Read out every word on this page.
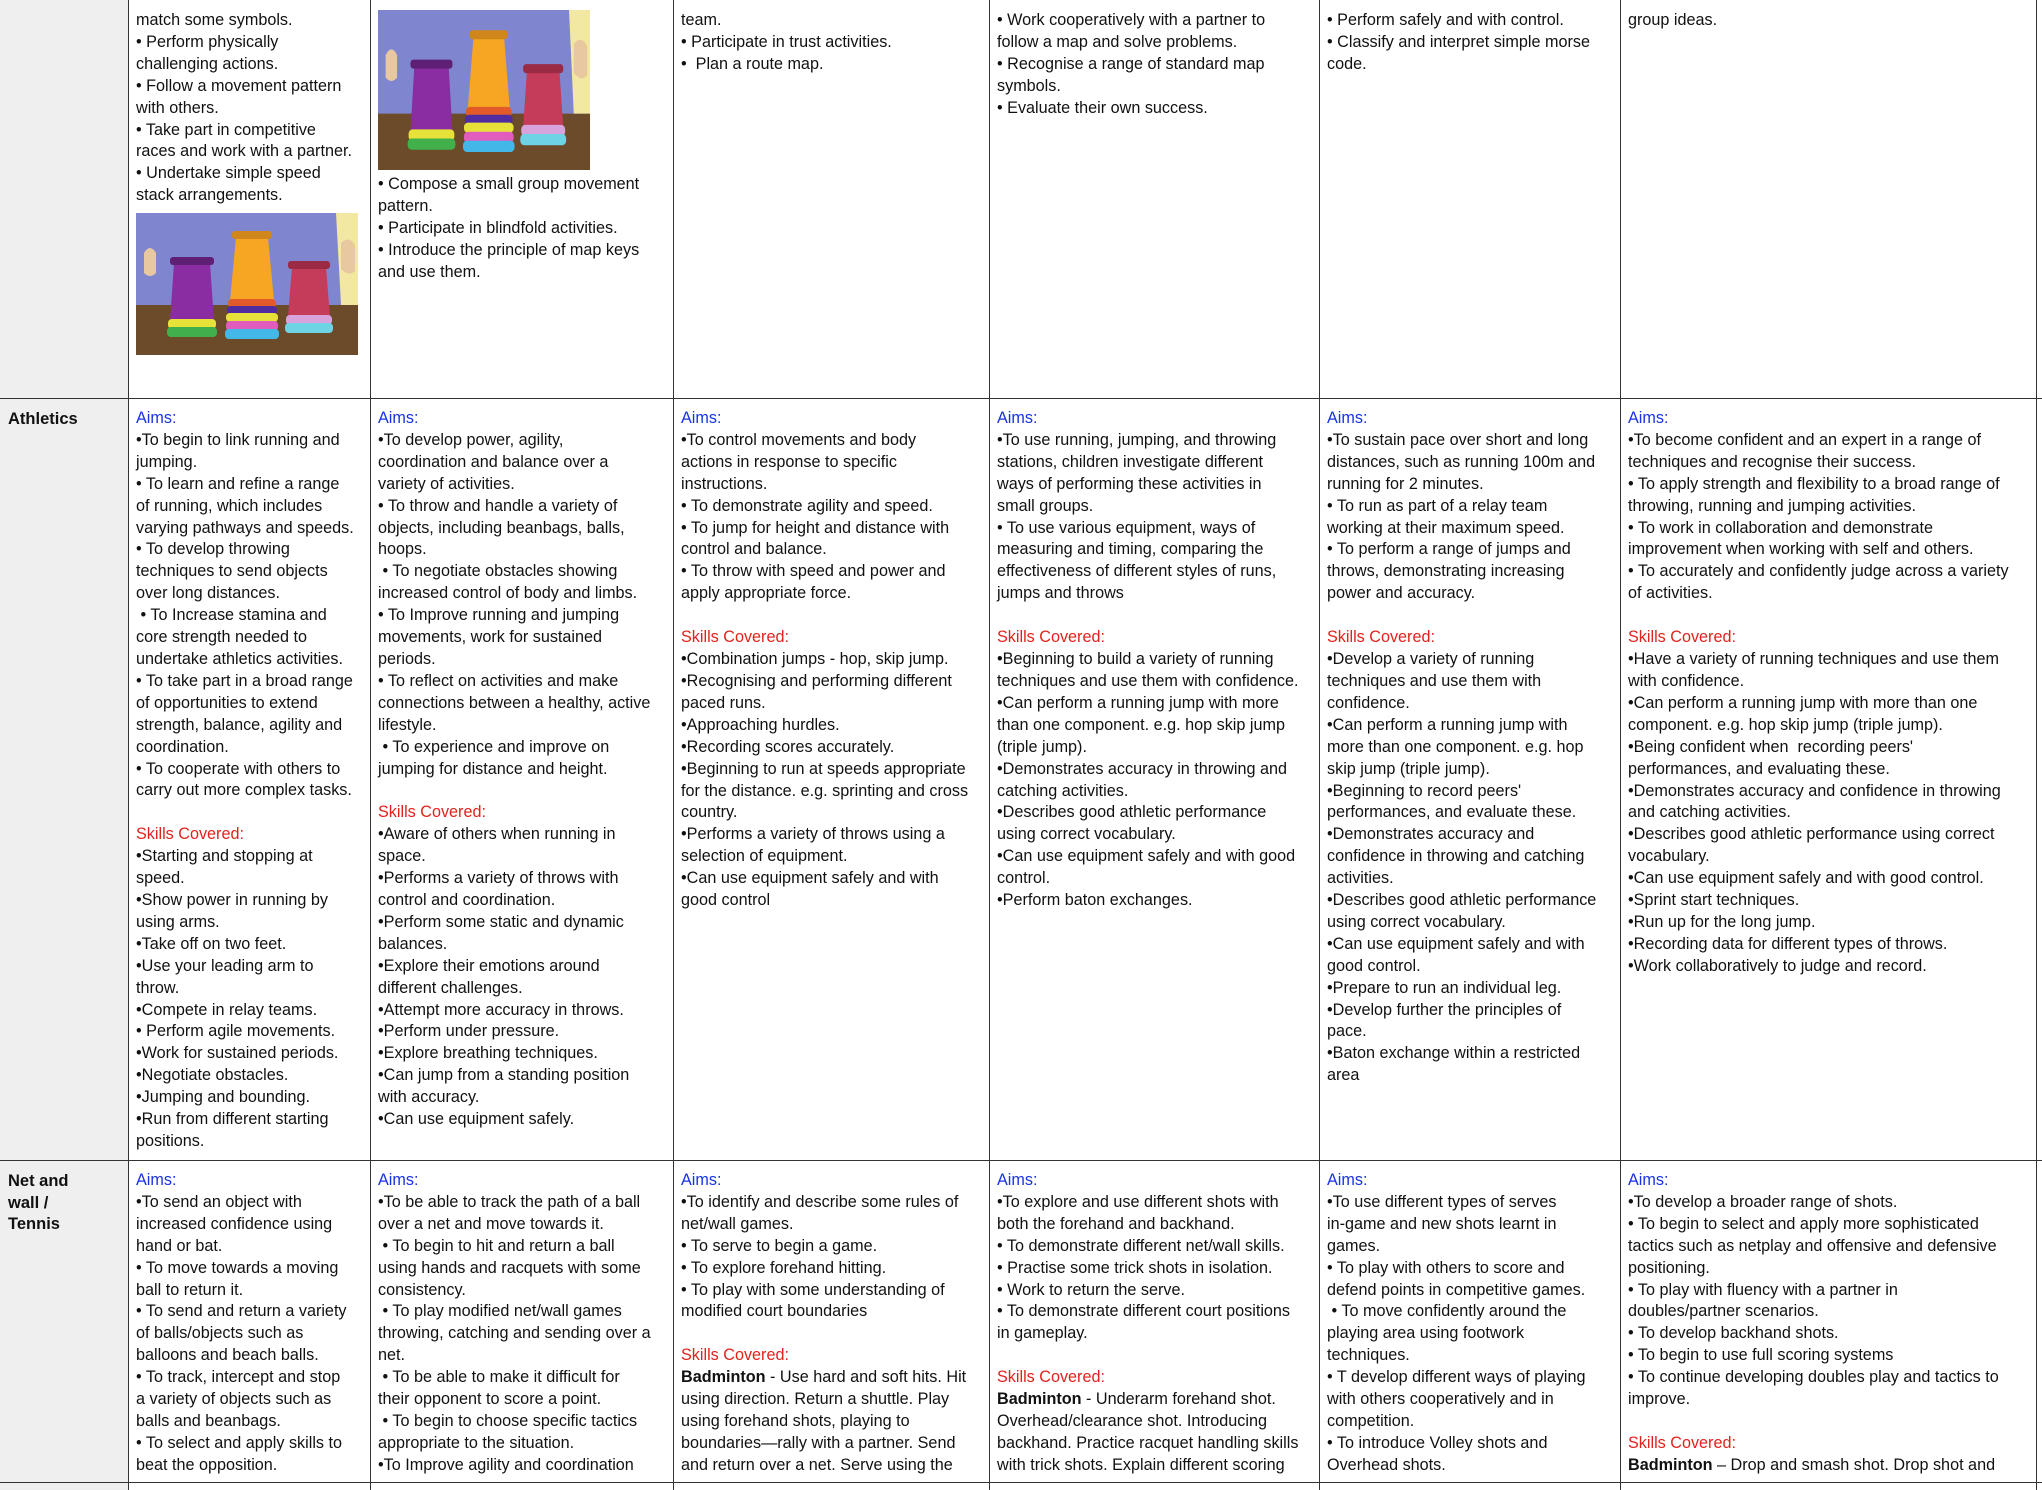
Athletics
Net and
wall /
Tennis
match some symbols.
• Perform physically
challenging actions.
• Follow a movement pattern
with others.
• Take part in competitive
races and work with a partner.
• Undertake simple speed
stack arrangements.
• Compose a small group movement
pattern.
• Participate in blindfold activities.
• Introduce the principle of map keys
and use them.
team.
• Participate in trust activities.
•  Plan a route map.
• Work cooperatively with a partner to
follow a map and solve problems.
• Recognise a range of standard map
symbols.
• Evaluate their own success.
• Perform safely and with control.
• Classify and interpret simple morse
code.
group ideas.
Aims:
•To begin to link running and
jumping.
• To learn and refine a range
of running, which includes
varying pathways and speeds.
• To develop throwing
techniques to send objects
over long distances.
• To Increase stamina and
core strength needed to
undertake athletics activities.
• To take part in a broad range
of opportunities to extend
strength, balance, agility and
coordination.
• To cooperate with others to
carry out more complex tasks.
Skills Covered:
•Starting and stopping at
speed.
•Show power in running by
using arms.
•Take off on two feet.
•Use your leading arm to
throw.
•Compete in relay teams.
• Perform agile movements.
•Work for sustained periods.
•Negotiate obstacles.
•Jumping and bounding.
•Run from different starting
positions.
Aims:
•To develop power, agility,
coordination and balance over a
variety of activities.
• To throw and handle a variety of
objects, including beanbags, balls,
hoops.
• To negotiate obstacles showing
increased control of body and limbs.
• To Improve running and jumping
movements, work for sustained
periods.
• To reflect on activities and make
connections between a healthy, active
lifestyle.
• To experience and improve on
jumping for distance and height.
Skills Covered:
•Aware of others when running in
space.
•Performs a variety of throws with
control and coordination.
•Perform some static and dynamic
balances.
•Explore their emotions around
different challenges.
•Attempt more accuracy in throws.
•Perform under pressure.
•Explore breathing techniques.
•Can jump from a standing position
with accuracy.
•Can use equipment safely.
Aims:
•To control movements and body
actions in response to specific
instructions.
• To demonstrate agility and speed.
• To jump for height and distance with
control and balance.
• To throw with speed and power and
apply appropriate force.
Skills Covered:
•Combination jumps - hop, skip jump.
•Recognising and performing different
paced runs.
•Approaching hurdles.
•Recording scores accurately.
•Beginning to run at speeds appropriate
for the distance. e.g. sprinting and cross
country.
•Performs a variety of throws using a
selection of equipment.
•Can use equipment safely and with
good control
Aims:
•To use running, jumping, and throwing
stations, children investigate different
ways of performing these activities in
small groups.
• To use various equipment, ways of
measuring and timing, comparing the
effectiveness of different styles of runs,
jumps and throws
Skills Covered:
•Beginning to build a variety of running
techniques and use them with confidence.
•Can perform a running jump with more
than one component. e.g. hop skip jump
(triple jump).
•Demonstrates accuracy in throwing and
catching activities.
•Describes good athletic performance
using correct vocabulary.
•Can use equipment safely and with good
control.
•Perform baton exchanges.
Aims:
•To sustain pace over short and long
distances, such as running 100m and
running for 2 minutes.
• To run as part of a relay team
working at their maximum speed.
• To perform a range of jumps and
throws, demonstrating increasing
power and accuracy.
Skills Covered:
•Develop a variety of running
techniques and use them with
confidence.
•Can perform a running jump with
more than one component. e.g. hop
skip jump (triple jump).
•Beginning to record peers'
performances, and evaluate these.
•Demonstrates accuracy and
confidence in throwing and catching
activities.
•Describes good athletic performance
using correct vocabulary.
•Can use equipment safely and with
good control.
•Prepare to run an individual leg.
•Develop further the principles of
pace.
•Baton exchange within a restricted
area
Aims:
•To become confident and an expert in a range of
techniques and recognise their success.
• To apply strength and flexibility to a broad range of
throwing, running and jumping activities.
• To work in collaboration and demonstrate
improvement when working with self and others.
• To accurately and confidently judge across a variety
of activities.
Skills Covered:
•Have a variety of running techniques and use them
with confidence.
•Can perform a running jump with more than one
component. e.g. hop skip jump (triple jump).
•Being confident when  recording peers'
performances, and evaluating these.
•Demonstrates accuracy and confidence in throwing
and catching activities.
•Describes good athletic performance using correct
vocabulary.
•Can use equipment safely and with good control.
•Sprint start techniques.
•Run up for the long jump.
•Recording data for different types of throws.
•Work collaboratively to judge and record.
Aims:
•To send an object with
increased confidence using
hand or bat.
• To move towards a moving
ball to return it.
• To send and return a variety
of balls/objects such as
balloons and beach balls.
• To track, intercept and stop
a variety of objects such as
balls and beanbags.
• To select and apply skills to
beat the opposition.
Aims:
•To be able to track the path of a ball
over a net and move towards it.
• To begin to hit and return a ball
using hands and racquets with some
consistency.
• To play modified net/wall games
throwing, catching and sending over a
net.
• To be able to make it difficult for
their opponent to score a point.
• To begin to choose specific tactics
appropriate to the situation.
•To Improve agility and coordination
Aims:
•To identify and describe some rules of
net/wall games.
• To serve to begin a game.
• To explore forehand hitting.
• To play with some understanding of
modified court boundaries
Skills Covered:
Badminton - Use hard and soft hits. Hit
using direction. Return a shuttle. Play
using forehand shots, playing to
boundaries—rally with a partner. Send
and return over a net. Serve using the
Aims:
•To explore and use different shots with
both the forehand and backhand.
• To demonstrate different net/wall skills.
• Practise some trick shots in isolation.
• Work to return the serve.
• To demonstrate different court positions
in gameplay.
Skills Covered:
Badminton - Underarm forehand shot.
Overhead/clearance shot. Introducing
backhand. Practice racquet handling skills
with trick shots. Explain different scoring
Aims:
•To use different types of serves
in-game and new shots learnt in
games.
• To play with others to score and
defend points in competitive games.
• To move confidently around the
playing area using footwork
techniques.
• T develop different ways of playing
with others cooperatively and in
competition.
• To introduce Volley shots and
Overhead shots.
Aims:
•To develop a broader range of shots.
• To begin to select and apply more sophisticated
tactics such as netplay and offensive and defensive
positioning.
• To play with fluency with a partner in
doubles/partner scenarios.
• To develop backhand shots.
• To begin to use full scoring systems
• To continue developing doubles play and tactics to
improve.
Skills Covered:
Badminton – Drop and smash shot. Drop shot and
